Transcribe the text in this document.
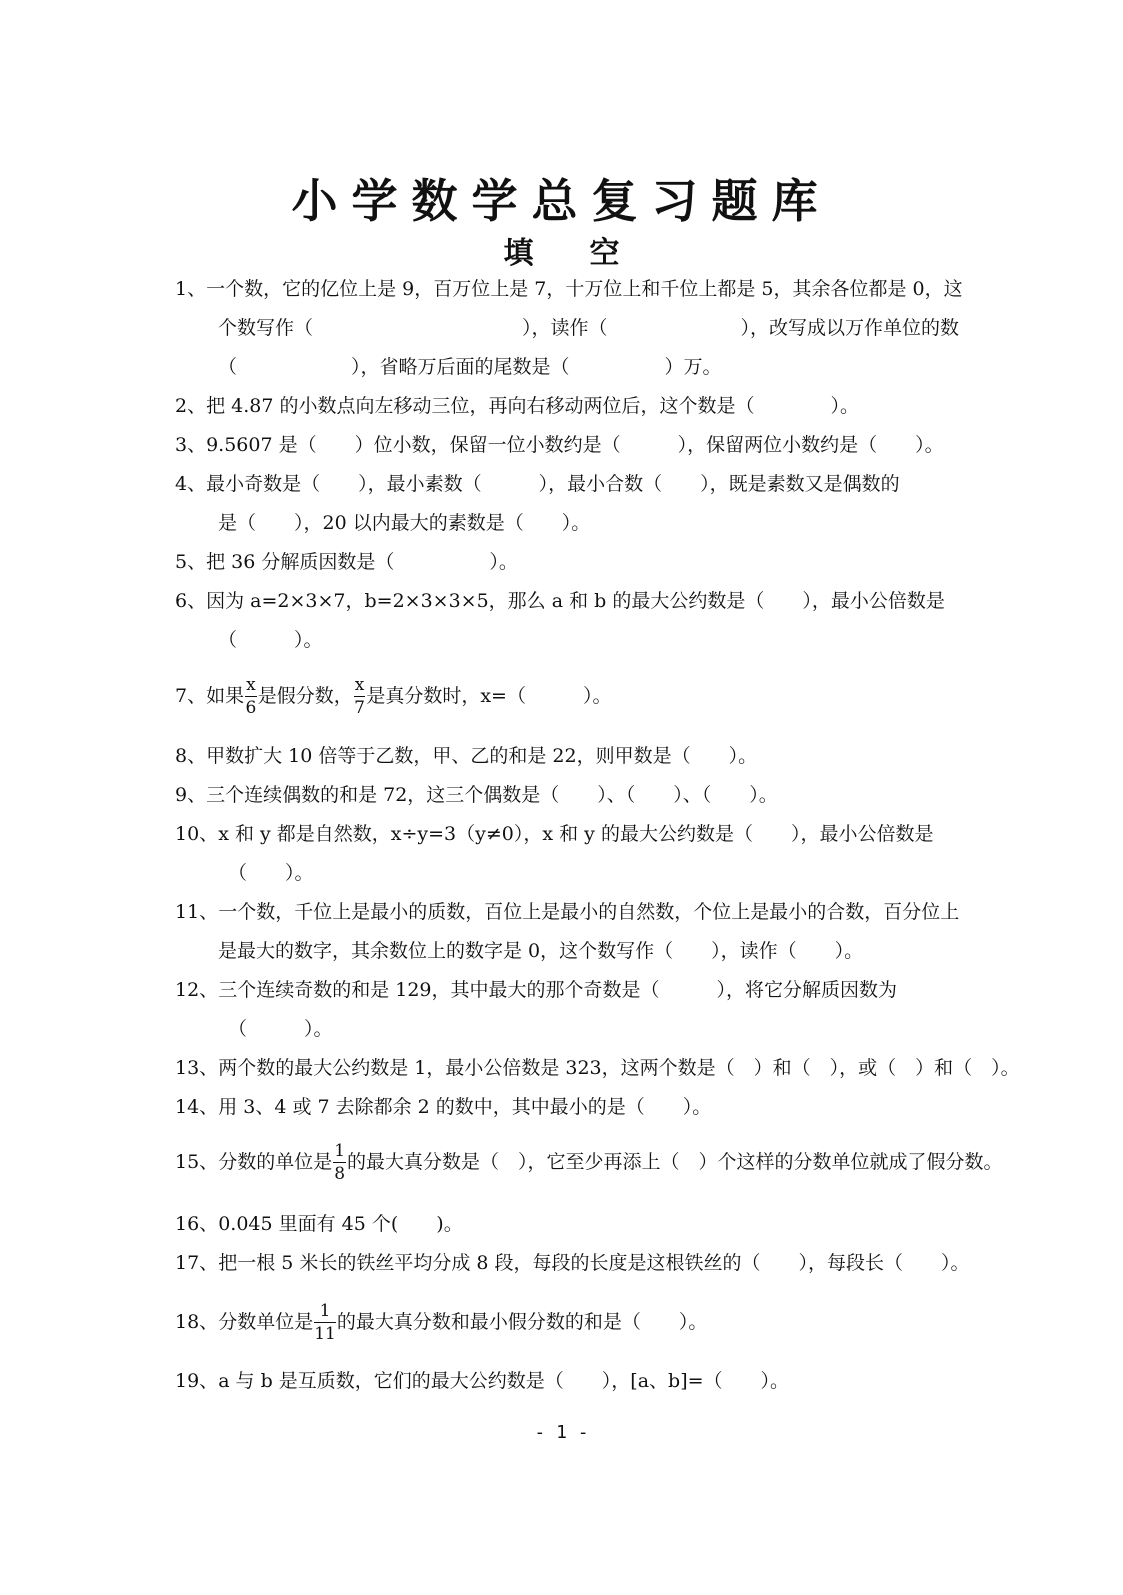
小学数学总复习题库
填空
1、一个数，它的亿位上是 9，百万位上是 7，十万位上和千位上都是 5，其余各位都是 0，这
个数写作（　　　　　　　　　　　），读作（　　　　　　　），改写成以万作单位的数
（　　　　　　），省略万后面的尾数是（　　　　　）万。
2、把 4.87 的小数点向左移动三位，再向右移动两位后，这个数是（　　　　）。
3、9.5607 是（　　）位小数，保留一位小数约是（　　　），保留两位小数约是（　　）。
4、最小奇数是（　　），最小素数（　　　），最小合数（　　），既是素数又是偶数的
是（　　），20 以内最大的素数是（　　）。
5、把 36 分解质因数是（　　　　　）。
6、因为 a=2×3×7，b=2×3×3×5，那么 a 和 b 的最大公约数是（　　），最小公倍数是
（　　　）。
7、如果 $\frac{x}{6}$ 是假分数， $\frac{x}{7}$ 是真分数时，x=（　　　）。
8、甲数扩大 10 倍等于乙数，甲、乙的和是 22，则甲数是（　　）。
9、三个连续偶数的和是 72，这三个偶数是（　　）、（　　）、（　　）。
10、x 和 y 都是自然数，x÷y=3（y≠0），x 和 y 的最大公约数是（　　），最小公倍数是
（　　）。
11、一个数，千位上是最小的质数，百位上是最小的自然数，个位上是最小的合数，百分位上
是最大的数字，其余数位上的数字是 0，这个数写作（　　），读作（　　）。
12、三个连续奇数的和是 129，其中最大的那个奇数是（　　　），将它分解质因数为
（　　　）。
13、两个数的最大公约数是 1，最小公倍数是 323，这两个数是（　）和（　），或（　）和（　）。
14、用 3、4 或 7 去除都余 2 的数中，其中最小的是（　　）。
15、分数的单位是 $\frac{1}{8}$ 的最大真分数是（　），它至少再添上（　）个这样的分数单位就成了假分数。
16、0.045 里面有 45 个(　　)。
17、把一根 5 米长的铁丝平均分成 8 段，每段的长度是这根铁丝的（　　），每段长（　　）。
18、分数单位是 $\frac{1}{11}$ 的最大真分数和最小假分数的和是（　　）。
19、a 与 b 是互质数，它们的最大公约数是（　　），[a、b]=（　　）。
- 1 -
